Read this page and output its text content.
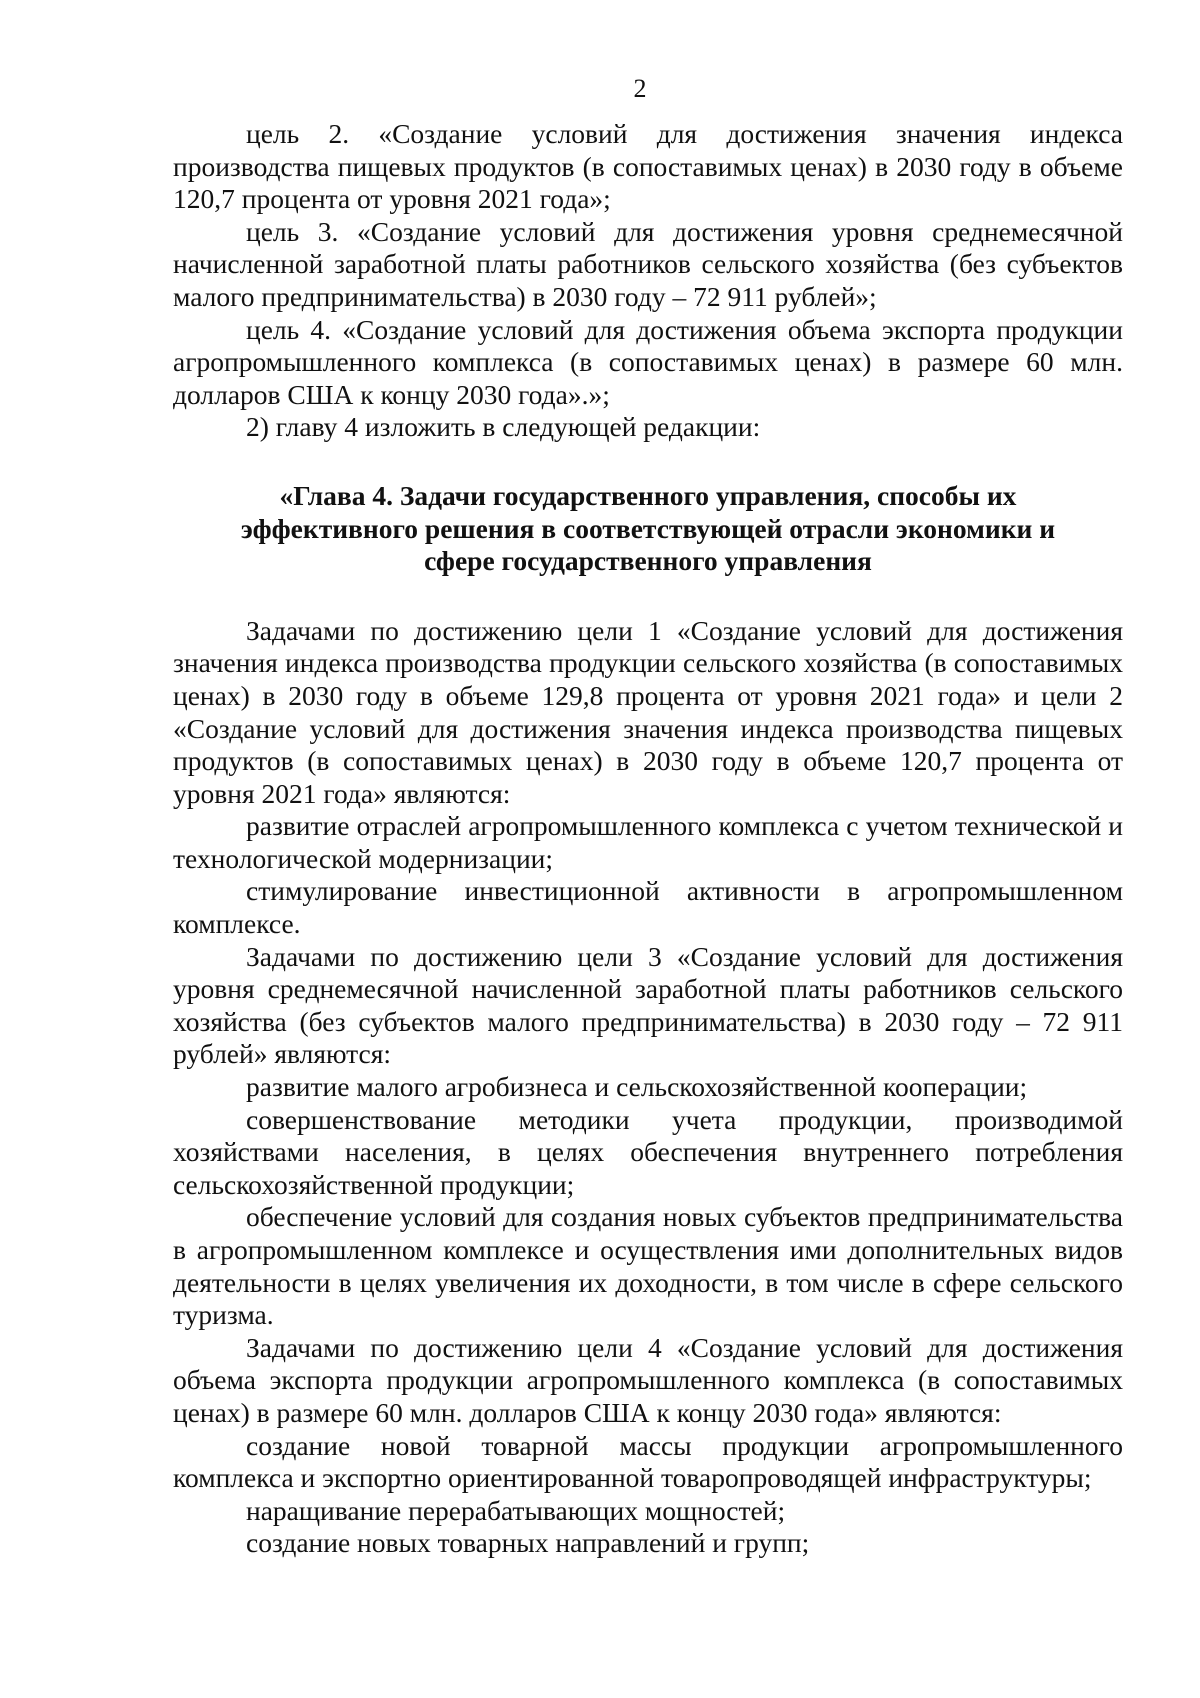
2

цель 2. «Создание условий для достижения значения индекса производства пищевых продуктов (в сопоставимых ценах) в 2030 году в объеме 120,7 процента от уровня 2021 года»;

цель 3. «Создание условий для достижения уровня среднемесячной начисленной заработной платы работников сельского хозяйства (без субъектов малого предпринимательства) в 2030 году – 72 911 рублей»;

цель 4. «Создание условий для достижения объема экспорта продукции агропромышленного комплекса (в сопоставимых ценах) в размере 60 млн. долларов США к концу 2030 года».»;

2) главу 4 изложить в следующей редакции:

«Глава 4. Задачи государственного управления, способы их
эффективного решения в соответствующей отрасли экономики и
сфере государственного управления

Задачами по достижению цели 1 «Создание условий для достижения значения индекса производства продукции сельского хозяйства (в сопоставимых ценах) в 2030 году в объеме 129,8 процента от уровня 2021 года» и цели 2 «Создание условий для достижения значения индекса производства пищевых продуктов (в сопоставимых ценах) в 2030 году в объеме 120,7 процента от уровня 2021 года» являются:

развитие отраслей агропромышленного комплекса с учетом технической и технологической модернизации;

стимулирование инвестиционной активности в агропромышленном комплексе.

Задачами по достижению цели 3 «Создание условий для достижения уровня среднемесячной начисленной заработной платы работников сельского хозяйства (без субъектов малого предпринимательства) в 2030 году – 72 911 рублей» являются:

развитие малого агробизнеса и сельскохозяйственной кооперации;

совершенствование методики учета продукции, производимой хозяйствами населения, в целях обеспечения внутреннего потребления сельскохозяйственной продукции;

обеспечение условий для создания новых субъектов предпринимательства в агропромышленном комплексе и осуществления ими дополнительных видов деятельности в целях увеличения их доходности, в том числе в сфере сельского туризма.

Задачами по достижению цели 4 «Создание условий для достижения объема экспорта продукции агропромышленного комплекса (в сопоставимых ценах) в размере 60 млн. долларов США к концу 2030 года» являются:

создание новой товарной массы продукции агропромышленного комплекса и экспортно ориентированной товаропроводящей инфраструктуры;

наращивание перерабатывающих мощностей;

создание новых товарных направлений и групп;
